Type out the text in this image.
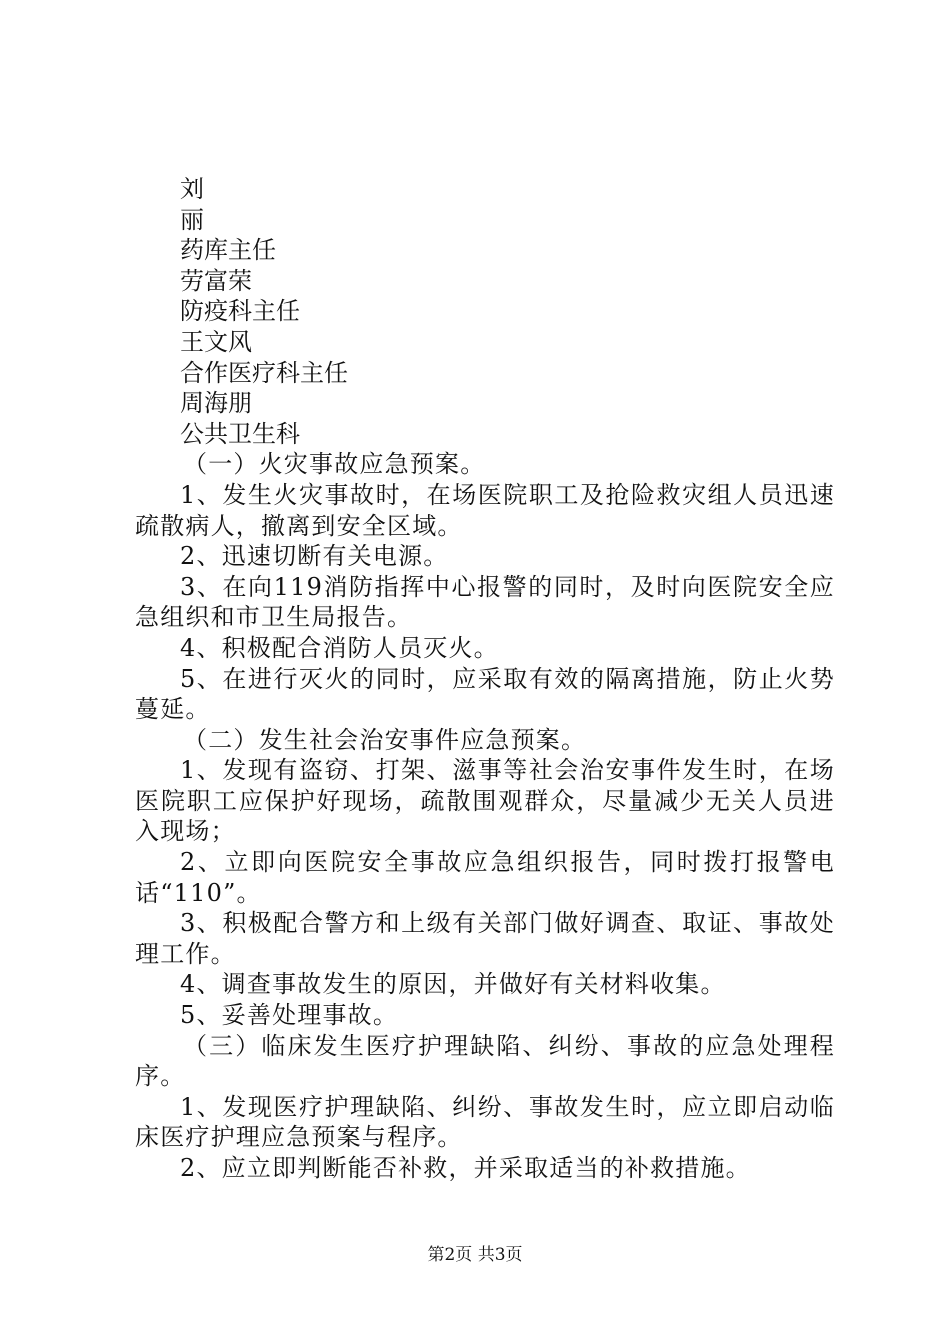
刘

丽

药库主任

劳富荣

防疫科主任

王文风

合作医疗科主任

周海朋

公共卫生科

（一）火灾事故应急预案。

1、发生火灾事故时，在场医院职工及抢险救灾组人员迅速疏散病人，撤离到安全区域。

2、迅速切断有关电源。

3、在向119消防指挥中心报警的同时，及时向医院安全应急组织和市卫生局报告。

4、积极配合消防人员灭火。

5、在进行灭火的同时，应采取有效的隔离措施，防止火势蔓延。

（二）发生社会治安事件应急预案。

1、发现有盗窃、打架、滋事等社会治安事件发生时，在场医院职工应保护好现场，疏散围观群众，尽量减少无关人员进入现场；

2、立即向医院安全事故应急组织报告，同时拨打报警电话“110”。

3、积极配合警方和上级有关部门做好调查、取证、事故处理工作。

4、调查事故发生的原因，并做好有关材料收集。

5、妥善处理事故。

（三）临床发生医疗护理缺陷、纠纷、事故的应急处理程序。

1、发现医疗护理缺陷、纠纷、事故发生时，应立即启动临床医疗护理应急预案与程序。

2、应立即判断能否补救，并采取适当的补救措施。

第2页 共3页
